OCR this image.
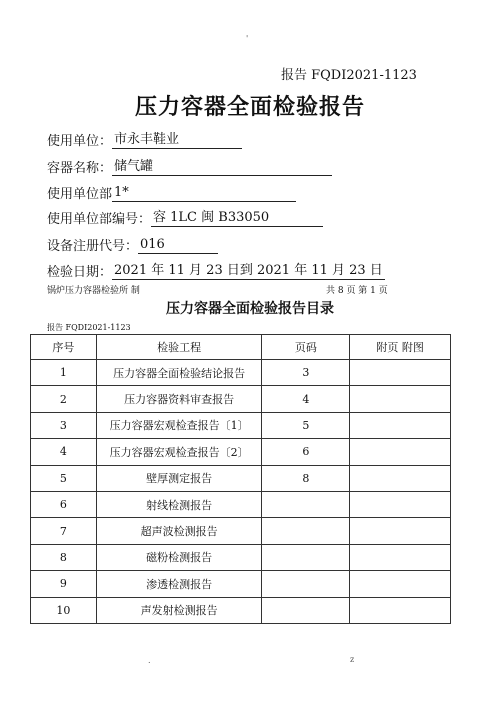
'
报告 FQDI2021-1123
压力容器全面检验报告
使用单位： 市永丰鞋业
容器名称： 储气罐
使用单位部 1*
使用单位部编号： 容 1LC 闽 B33050
设备注册代号： 016
检验日期： 2021 年 11 月 23 日到 2021 年 11 月 23 日
锅炉压力容器检验所 制	共 8 页 第 1 页
压力容器全面检验报告目录
报告 FQDI2021-1123
序号	检验工程	页码	附页 附图
1	压力容器全面检验结论报告	3	
2	压力容器资料审查报告	4	
3	压力容器宏观检查报告〔1〕	5	
4	压力容器宏观检查报告〔2〕	6	
5	壁厚测定报告	8	
6	射线检测报告		
7	超声波检测报告		
8	磁粉检测报告		
9	渗透检测报告		
10	声发射检测报告		
.	z
